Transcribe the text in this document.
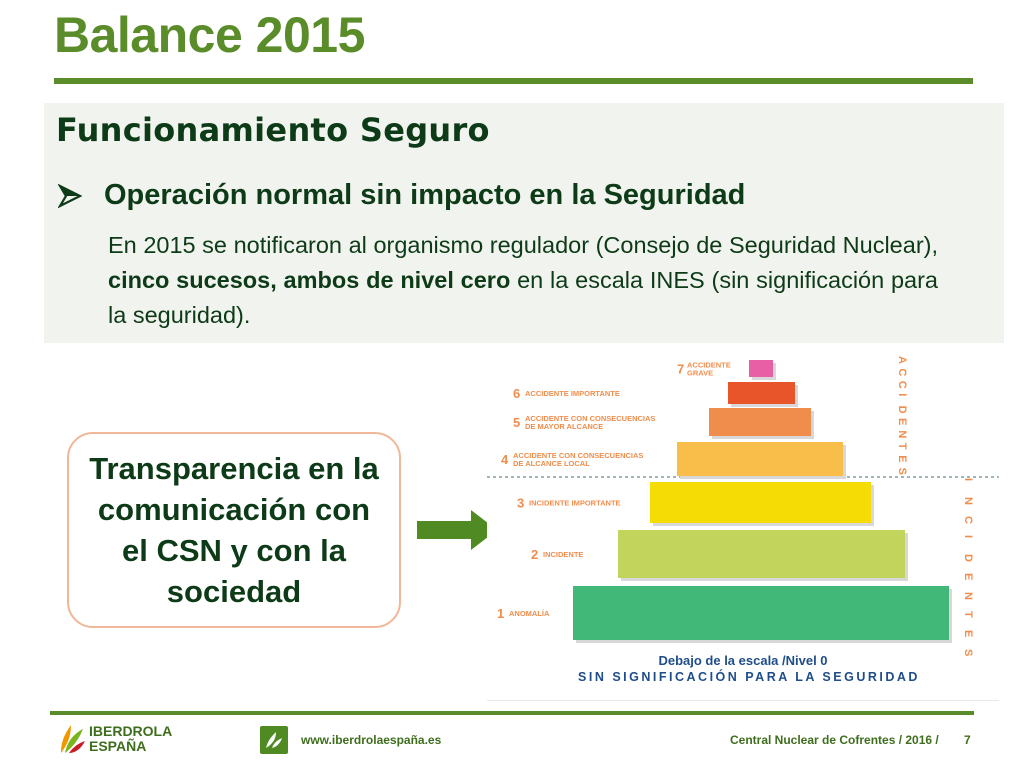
Balance 2015
Funcionamiento Seguro
Operación normal sin impacto en la Seguridad
En 2015 se notificaron al organismo regulador (Consejo de Seguridad Nuclear), cinco sucesos, ambos de nivel cero en la escala INES (sin significación para la seguridad).
Transparencia en la comunicación con el CSN y con la sociedad
7 ACCIDENTE
GRAVE
6 ACCIDENTE IMPORTANTE
5 ACCIDENTE CON CONSECUENCIAS
DE MAYOR ALCANCE
4 ACCIDENTE CON CONSECUENCIAS
DE ALCANCE LOCAL
3 INCIDENTE IMPORTANTE
2 INCIDENTE
1 ANOMALÍA
A
C
C
I
D
E
N
T
E
S
I
N
C
I
D
E
N
T
E
S
Debajo de la escala /Nivel 0
SIN SIGNIFICACIÓN PARA LA SEGURIDAD
IBERDROLA
ESPAÑA	www.iberdrolaespaña.es	Central Nuclear de Cofrentes / 2016 / 7
